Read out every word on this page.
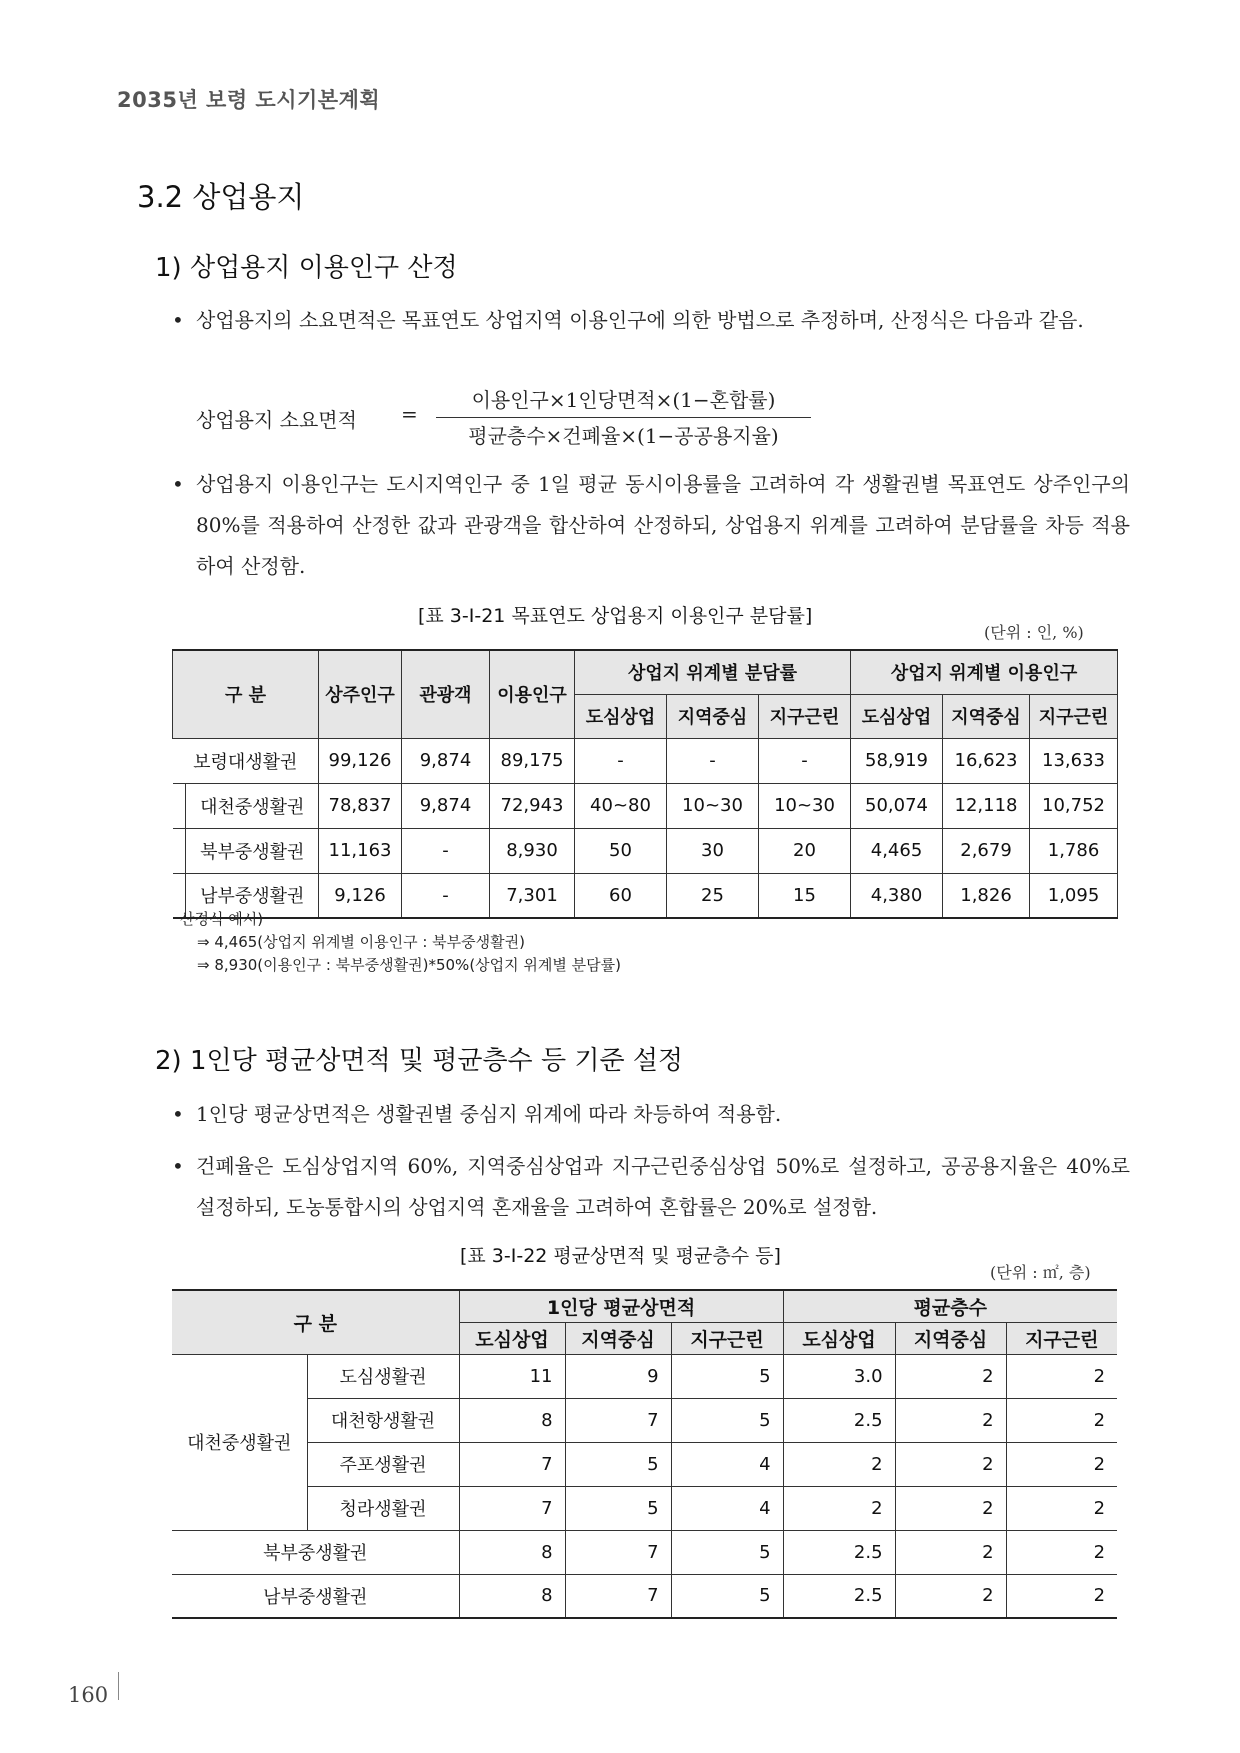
2035년 보령 도시기본계획
3.2 상업용지
1) 상업용지 이용인구 산정
• 상업용지의 소요면적은 목표연도 상업지역 이용인구에 의한 방법으로 추정하며, 산정식은 다음과 같음.
상업용지 소요면적 =
이용인구×1인당면적×(1−혼합률)
평균층수×건폐율×(1−공공용지율)
• 상업용지 이용인구는 도시지역인구 중 1일 평균 동시이용률을 고려하여 각 생활권별 목표연도 상주인구의 80%를 적용하여 산정한 값과 관광객을 합산하여 산정하되, 상업용지 위계를 고려하여 분담률을 차등 적용하여 산정함.
[표 3-Ⅰ-21 목표연도 상업용지 이용인구 분담률]
(단위 : 인, %)
구 분	상주인구	관광객	이용인구	상업지 위계별 분담률			상업지 위계별 이용인구		
				도심상업	지역중심	지구근린	도심상업	지역중심	지구근린
보령대생활권	99,126	9,874	89,175	-	-	-	58,919	16,623	13,633

대천중생활권	78,837	9,874	72,943	40~80	10~30	10~30	50,074	12,118	10,752

북부중생활권	11,163	-	8,930	50	30	20	4,465	2,679	1,786

남부중생활권	9,126	-	7,301	60	25	15	4,380	1,826	1,095
산정식 예시)
⇒ 4,465(상업지 위계별 이용인구 : 북부중생활권)
⇒ 8,930(이용인구 : 북부중생활권)*50%(상업지 위계별 분담률)
2) 1인당 평균상면적 및 평균층수 등 기준 설정
• 1인당 평균상면적은 생활권별 중심지 위계에 따라 차등하여 적용함.
• 건폐율은 도심상업지역 60%, 지역중심상업과 지구근린중심상업 50%로 설정하고, 공공용지율은 40%로 설정하되, 도농통합시의 상업지역 혼재율을 고려하여 혼합률은 20%로 설정함.
[표 3-Ⅰ-22 평균상면적 및 평균층수 등]
(단위 : ㎡, 층)
구 분		1인당 평균상면적			평균층수		
		도심상업	지역중심	지구근린	도심상업	지역중심	지구근린
대천중생활권	도심생활권	11	9	5	3.0	2	2
	대천항생활권	8	7	5	2.5	2	2
	주포생활권	7	5	4	2	2	2
	청라생활권	7	5	4	2	2	2
북부중생활권		8	7	5	2.5	2	2
남부중생활권		8	7	5	2.5	2	2
160
